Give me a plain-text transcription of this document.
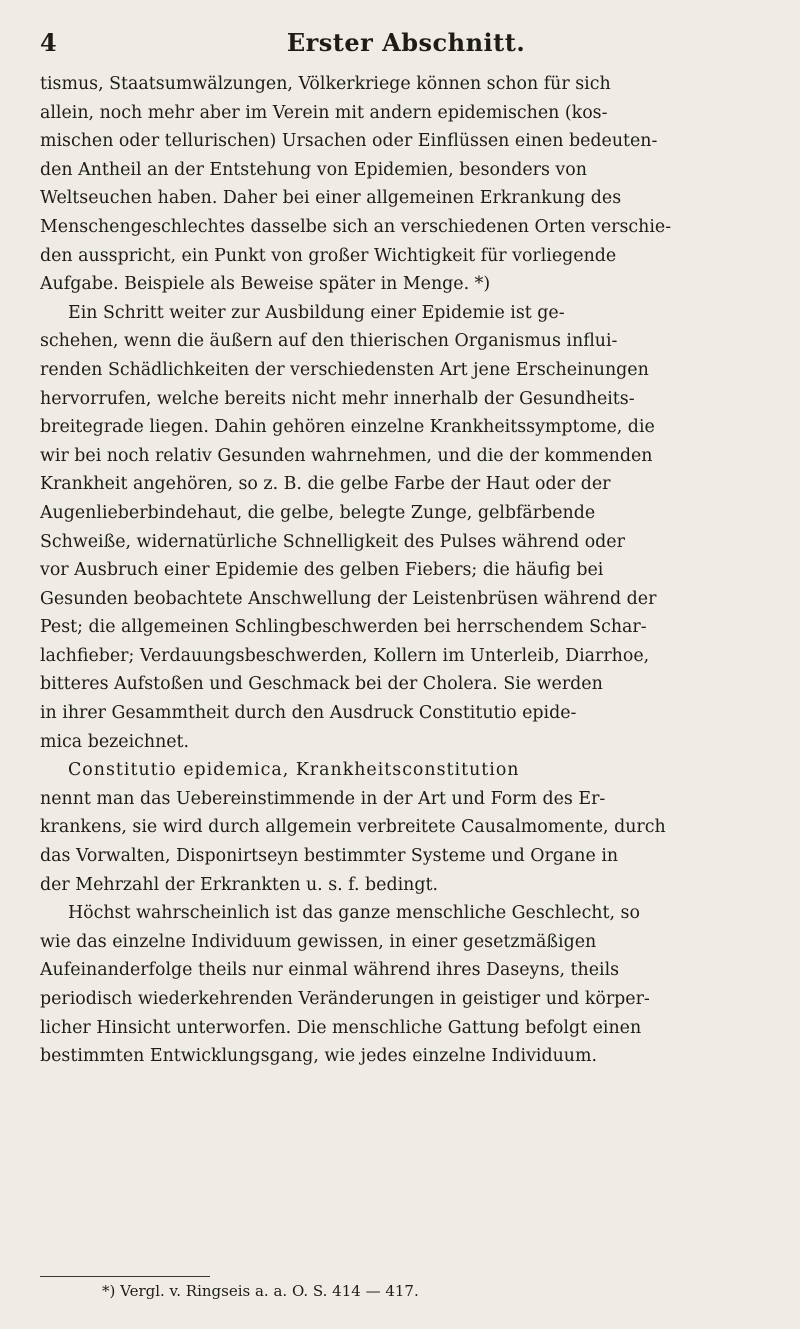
4	Erster Abschnitt.
tismus, Staatsumwälzungen, Völkerkriege können schon für sich
allein, noch mehr aber im Verein mit andern epidemischen (kos-
mischen oder tellurischen) Ursachen oder Einflüssen einen bedeuten-
den Antheil an der Entstehung von Epidemien, besonders von
Weltseuchen haben. Daher bei einer allgemeinen Erkrankung des
Menschengeschlechtes dasselbe sich an verschiedenen Orten verschie-
den ausspricht, ein Punkt von großer Wichtigkeit für vorliegende
Aufgabe. Beispiele als Beweise später in Menge. *)
Ein Schritt weiter zur Ausbildung einer Epidemie ist ge-
schehen, wenn die äußern auf den thierischen Organismus influi-
renden Schädlichkeiten der verschiedensten Art jene Erscheinungen
hervorrufen, welche bereits nicht mehr innerhalb der Gesundheits-
breitegrade liegen. Dahin gehören einzelne Krankheitssymptome, die
wir bei noch relativ Gesunden wahrnehmen, und die der kommenden
Krankheit angehören, so z. B. die gelbe Farbe der Haut oder der
Augenlieberbindehaut, die gelbe, belegte Zunge, gelbfärbende
Schweiße, widernatürliche Schnelligkeit des Pulses während oder
vor Ausbruch einer Epidemie des gelben Fiebers; die häufig bei
Gesunden beobachtete Anschwellung der Leistenbrüsen während der
Pest; die allgemeinen Schlingbeschwerden bei herrschendem Schar-
lachfieber; Verdauungsbeschwerden, Kollern im Unterleib, Diarrhoe,
bitteres Aufstoßen und Geschmack bei der Cholera. Sie werden
in ihrer Gesammtheit durch den Ausdruck Constitutio epide-
mica bezeichnet.
Constitutio epidemica, Krankheitsconstitution
nennt man das Uebereinstimmende in der Art und Form des Er-
krankens, sie wird durch allgemein verbreitete Causalmomente, durch
das Vorwalten, Disponirtseyn bestimmter Systeme und Organe in
der Mehrzahl der Erkrankten u. s. f. bedingt.
Höchst wahrscheinlich ist das ganze menschliche Geschlecht, so
wie das einzelne Individuum gewissen, in einer gesetzmäßigen
Aufeinanderfolge theils nur einmal während ihres Daseyns, theils
periodisch wiederkehrenden Veränderungen in geistiger und körper-
licher Hinsicht unterworfen. Die menschliche Gattung befolgt einen
bestimmten Entwicklungsgang, wie jedes einzelne Individuum.
*) Vergl. v. Ringseis a. a. O. S. 414 — 417.
